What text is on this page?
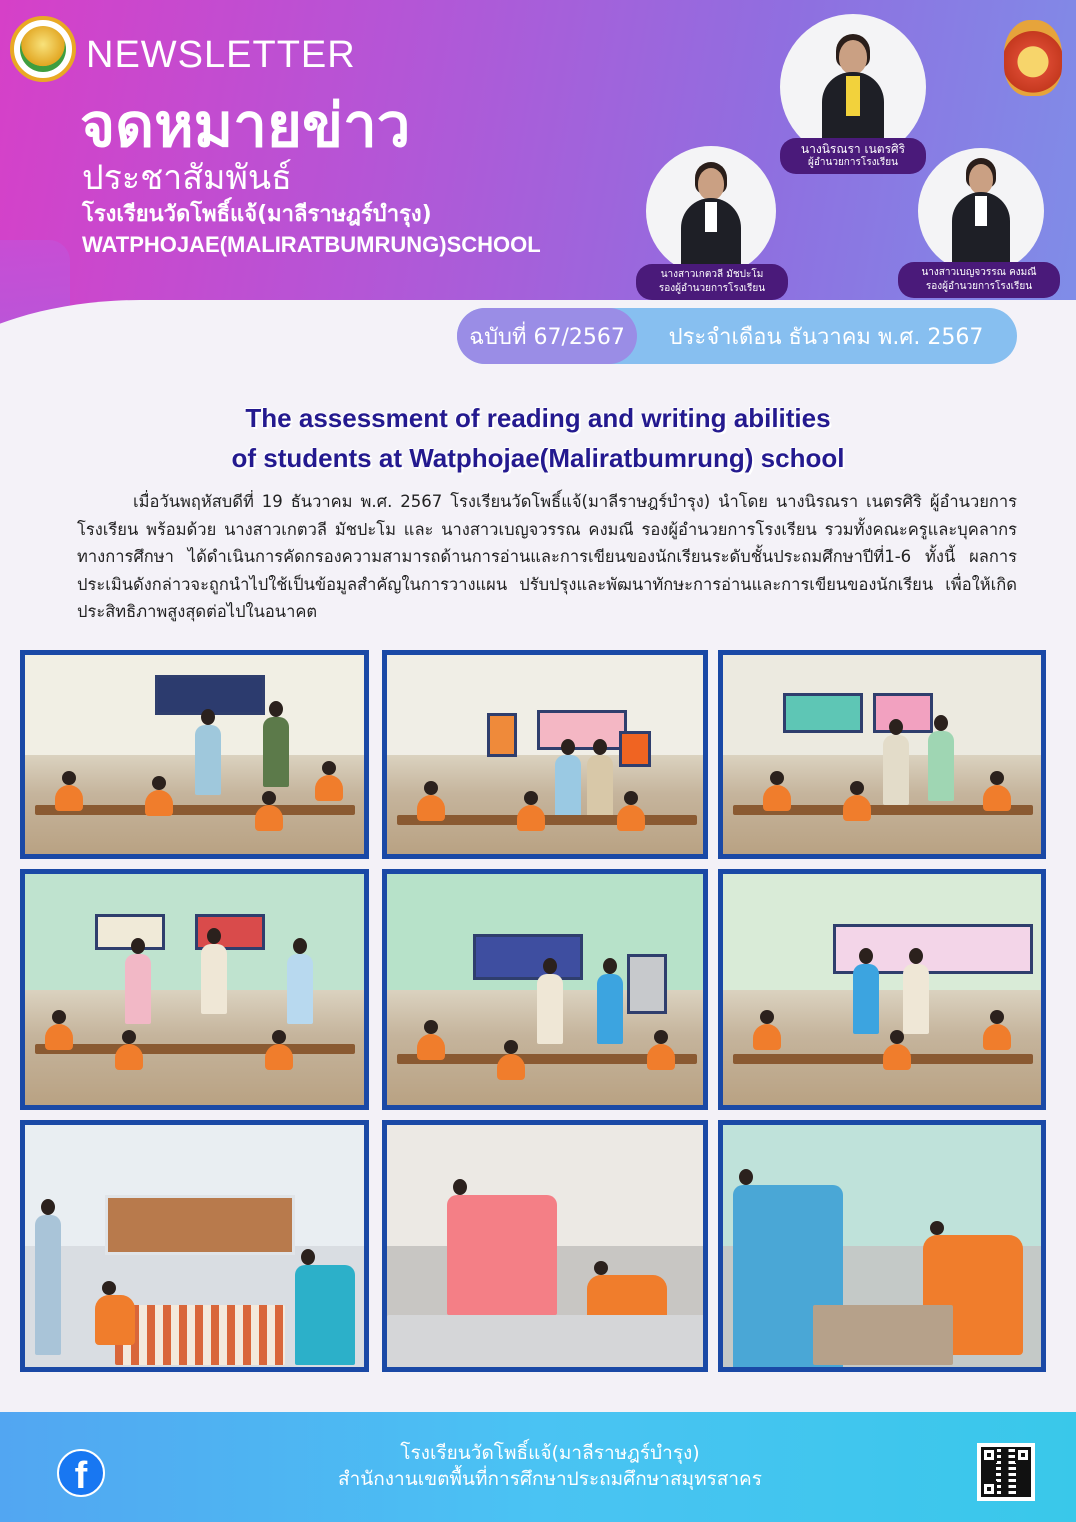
NEWSLETTER
จดหมายข่าว
ประชาสัมพันธ์
โรงเรียนวัดโพธิ์แจ้(มาลีราษฎร์บำรุง)
WATPHOJAE(MALIRATBUMRUNG)SCHOOL
นางนิรณรา เนตรศิริ
ผู้อำนวยการโรงเรียน
นางสาวเกตวลี มัชปะโม
รองผู้อำนวยการโรงเรียน
นางสาวเบญจวรรณ คงมณี
รองผู้อำนวยการโรงเรียน
ฉบับที่ 67/2567	ประจำเดือน ธันวาคม พ.ศ. 2567
The assessment of reading and writing abilities
of students at Watphojae(Maliratbumrung) school
เมื่อวันพฤหัสบดีที่ 19 ธันวาคม พ.ศ. 2567 โรงเรียนวัดโพธิ์แจ้(มาลีราษฎร์บำรุง) นำโดย นางนิรณรา เนตรศิริ ผู้อำนวยการโรงเรียน พร้อมด้วย นางสาวเกตวลี มัชปะโม และ นางสาวเบญจวรรณ คงมณี รองผู้อำนวยการโรงเรียน รวมทั้งคณะครูและบุคลากรทางการศึกษา ได้ดำเนินการคัดกรองความสามารถด้านการอ่านและการเขียนของนักเรียนระดับชั้นประถมศึกษาปีที่1-6 ทั้งนี้ ผลการประเมินดังกล่าวจะถูกนำไปใช้เป็นข้อมูลสำคัญในการวางแผน ปรับปรุงและพัฒนาทักษะการอ่านและการเขียนของนักเรียน เพื่อให้เกิดประสิทธิภาพสูงสุดต่อไปในอนาคต
f
โรงเรียนวัดโพธิ์แจ้(มาลีราษฎร์บำรุง)
สำนักงานเขตพื้นที่การศึกษาประถมศึกษาสมุทรสาคร
